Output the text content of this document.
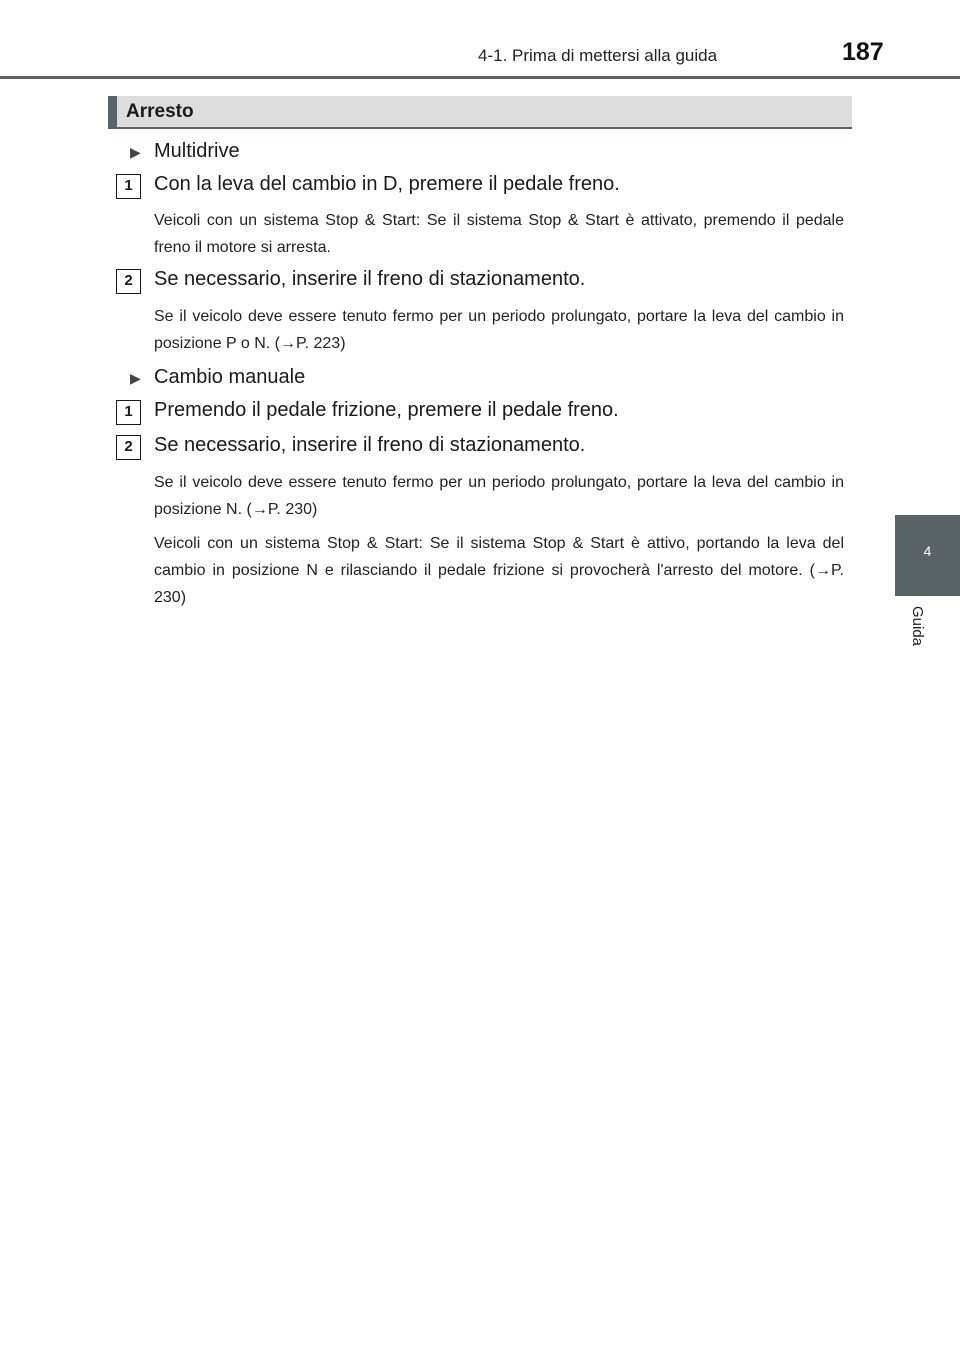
4-1. Prima di mettersi alla guida	187
Arresto
4
Guida
▶ Multidrive
1	Con la leva del cambio in D, premere il pedale freno.

Veicoli con un sistema Stop & Start: Se il sistema Stop & Start è attivato, premendo il pedale freno il motore si arresta.

2	Se necessario, inserire il freno di stazionamento.

Se il veicolo deve essere tenuto fermo per un periodo prolungato, portare la leva del cambio in posizione P o N. (→P. 223)

▶ Cambio manuale
1	Premendo il pedale frizione, premere il pedale freno.
2	Se necessario, inserire il freno di stazionamento.

Se il veicolo deve essere tenuto fermo per un periodo prolungato, portare la leva del cambio in posizione N. (→P. 230)

Veicoli con un sistema Stop & Start: Se il sistema Stop & Start è attivo, portando la leva del cambio in posizione N e rilasciando il pedale frizione si provocherà l'arresto del motore. (→P. 230)
